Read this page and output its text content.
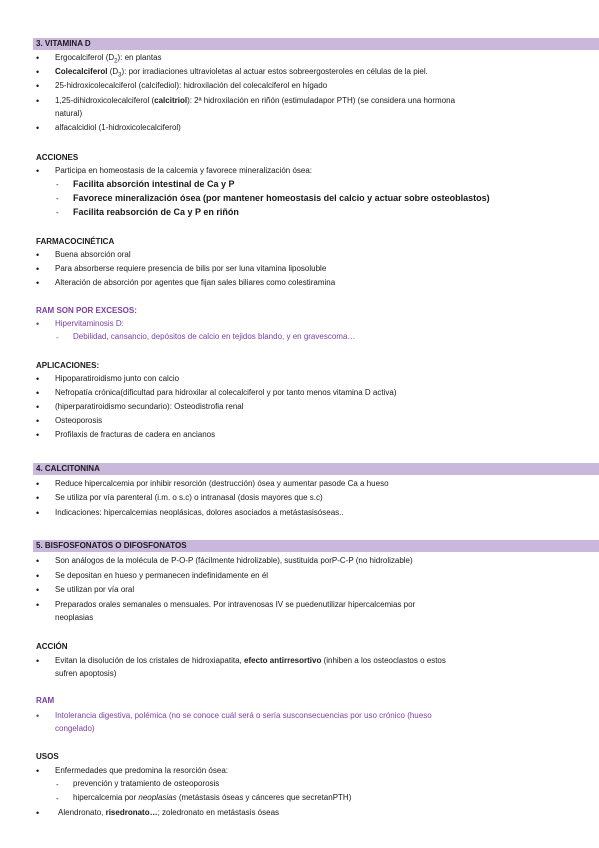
3. VITAMINA D
• Ergocalciferol $(D_2)$: en plantas
• Colecalciferol $(D_3)$: por irradiaciones ultravioletas al actuar estos sobreergosteroles en células de la piel.
• 25-hidroxicolecalciferol (calcifediol): hidroxilación del colecalciferol en hígado
• 1,25-dihidroxicolecalciferol (calcitriol): 2ª hidroxilación en riñón (estimuladapor PTH) (se considera una hormona
natural)
• alfacalcidiol (1-hidroxicolecalciferol)
ACCIONES
• Participa en homeostasis de la calcemia y favorece mineralización ósea:
- Facilita absorción intestinal de Ca y P
- Favorece mineralización ósea (por mantener homeostasis del calcio y actuar sobre osteoblastos)
- Facilita reabsorción de Ca y P en riñón
FARMACOCINÉTICA
• Buena absorción oral
• Para absorberse requiere presencia de bilis por ser luna vitamina liposoluble
• Alteración de absorción por agentes que fijan sales biliares como colestiramina
RAM SON POR EXCESOS:
• Hipervitaminosis D:
- Debilidad, cansancio, depósitos de calcio en tejidos blando, y en gravescoma…
APLICACIONES:
• Hipoparatiroidismo junto con calcio
• Nefropatía crónica(dificultad para hidroxilar al colecalciferol y por tanto menos vitamina D activa)
• (hiperparatiroidismo secundario): Osteodistrofia renal
• Osteoporosis
• Profilaxis de fracturas de cadera en ancianos
4. CALCITONINA
• Reduce hipercalcemia por inhibir resorción (destrucción) ósea y aumentar pasode Ca a hueso
• Se utiliza por vía parenteral (i.m. o s.c) o intranasal (dosis mayores que s.c)
• Indicaciones: hipercalcemias neoplásicas, dolores asociados a metástasisóseas..
5. BISFOSFONATOS O DIFOSFONATOS
• Son análogos de la molécula de P-O-P (fácilmente hidrolizable), sustituida porP-C-P (no hidrolizable)
• Se depositan en hueso y permanecen indefinidamente en él
• Se utilizan por vía oral
• Preparados orales semanales o mensuales. Por intravenosas IV se puedenutilizar hipercalcemias por
neoplasias
ACCIÓN
• Evitan la disolución de los cristales de hidroxiapatita, efecto antirresortivo (inhiben a los osteoclastos o estos
sufren apoptosis)
RAM
• Intolerancia digestiva, polémica (no se conoce cuál será o sería susconsecuencias por uso crónico (hueso
congelado)
USOS
• Enfermedades que predomina la resorción ósea:
- prevención y tratamiento de osteoporosis
- hipercalcemia por neoplasias (metástasis óseas y cánceres que secretanPTH)
• Alendronato, risedronato…; zoledronato en metástasis óseas
